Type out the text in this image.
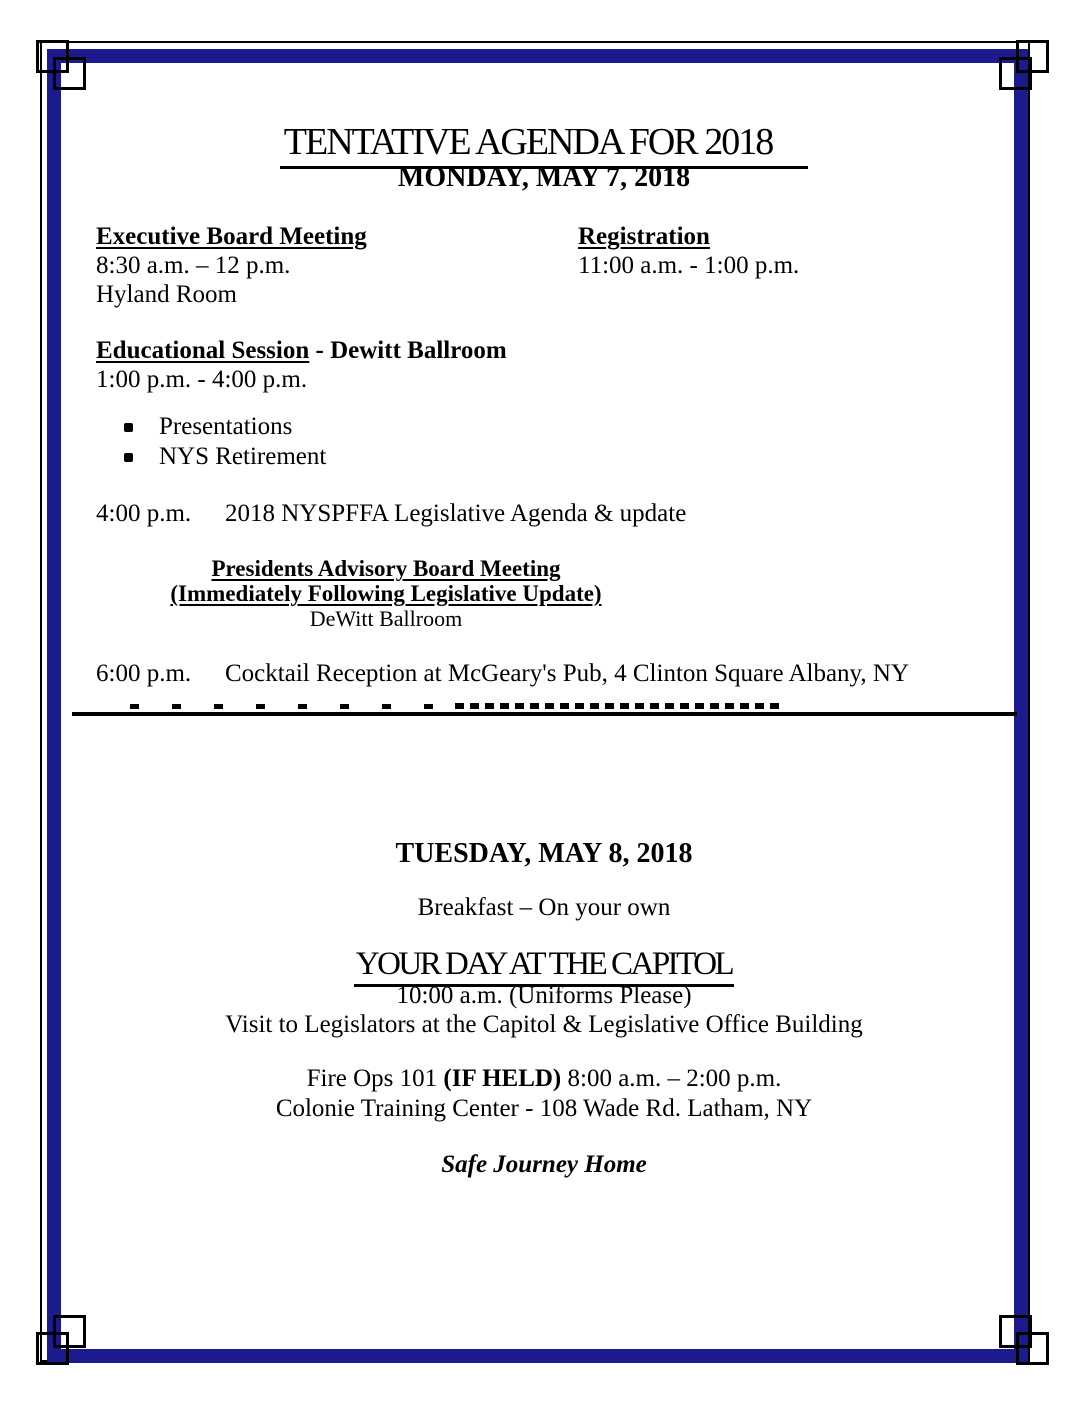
TENTATIVE AGENDA FOR 2018
MONDAY, MAY 7, 2018
Executive Board Meeting
8:30 a.m. – 12 p.m.
Hyland Room
Registration
11:00 a.m. - 1:00 p.m.
Educational Session - Dewitt Ballroom
1:00 p.m. - 4:00 p.m.
Presentations
NYS Retirement
4:00 p.m.	2018 NYSPFFA Legislative Agenda & update
Presidents Advisory Board Meeting
(Immediately Following Legislative Update)
DeWitt Ballroom
6:00 p.m.	Cocktail Reception at McGeary's Pub, 4 Clinton Square Albany, NY
TUESDAY, MAY 8, 2018
Breakfast – On your own
YOUR DAY AT THE CAPITOL
10:00 a.m. (Uniforms Please)
Visit to Legislators at the Capitol & Legislative Office Building
Fire Ops 101 (IF HELD) 8:00 a.m. – 2:00 p.m.
Colonie Training Center - 108 Wade Rd. Latham, NY
Safe Journey Home
